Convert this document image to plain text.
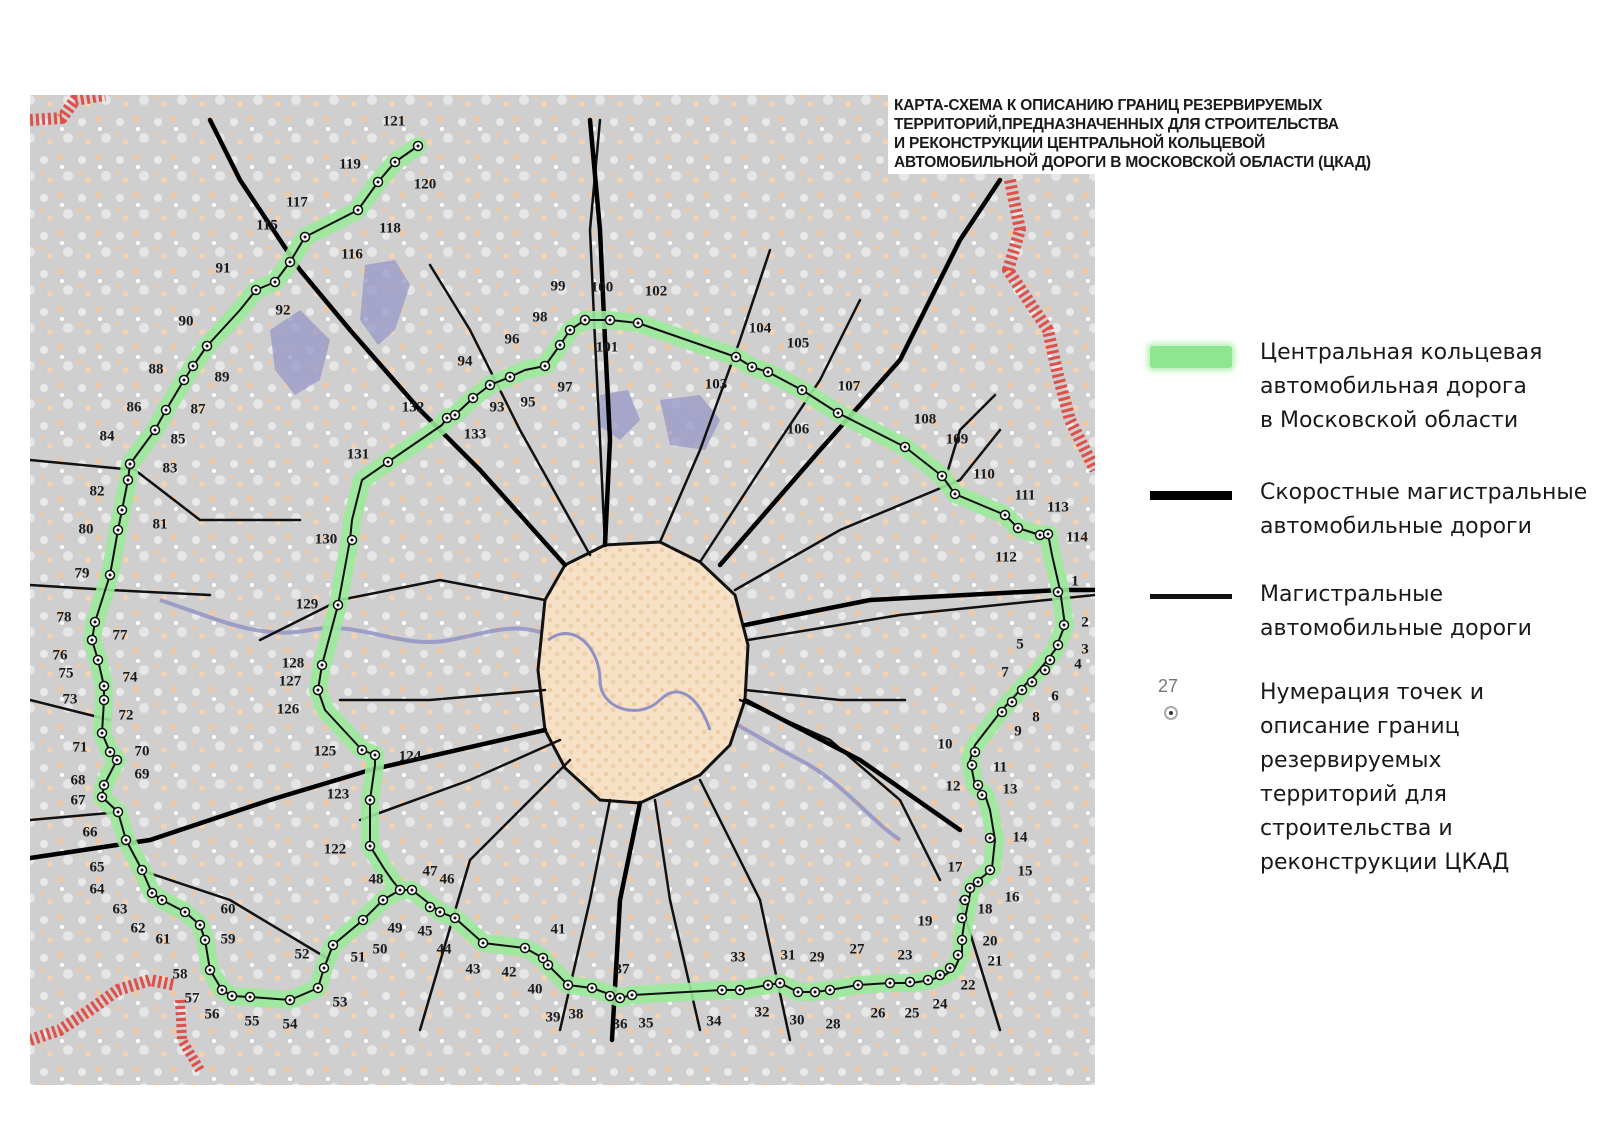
1
2
3
4
5
6
7
8
9
10
11
12	13
14
15
16
17
18
19
20
21
22
23
24
25
26
27
28
29
30
31
32
33
34
35
36
37
38
39
40
41
42
43
44
45
46
47
48
49
50
51
52
53
54
55
56
57
58
59
60
61
62
63
64
65
66
67
68	69
70
71
72
73
74
75
76
77
78
79
80	81
82
83
84	85
86	87
88	89
90
91
92
93
94
95
96
97
98
99 100
101
102
103
104
105
106
107
108
109
110
111
112
113
114
115
116
117
118
119
120
121
122
123
124
125
126
127
128
129
130
131
132
133
КАРТА-СХЕМА К ОПИСАНИЮ ГРАНИЦ РЕЗЕРВИРУЕМЫХ
ТЕРРИТОРИЙ,ПРЕДНАЗНАЧЕННЫХ ДЛЯ СТРОИТЕЛЬСТВА
И РЕКОНСТРУКЦИИ ЦЕНТРАЛЬНОЙ КОЛЬЦЕВОЙ
АВТОМОБИЛЬНОЙ ДОРОГИ В МОСКОВСКОЙ ОБЛАСТИ (ЦКАД)
Центральная кольцевая
автомобильная дорога
в Московской области
Скоростные магистральные
автомобильные дороги
Магистральные
автомобильные дороги
27	Нумерация точек и
описание границ
резервируемых
территорий для
строительства и
реконструкции ЦКАД
